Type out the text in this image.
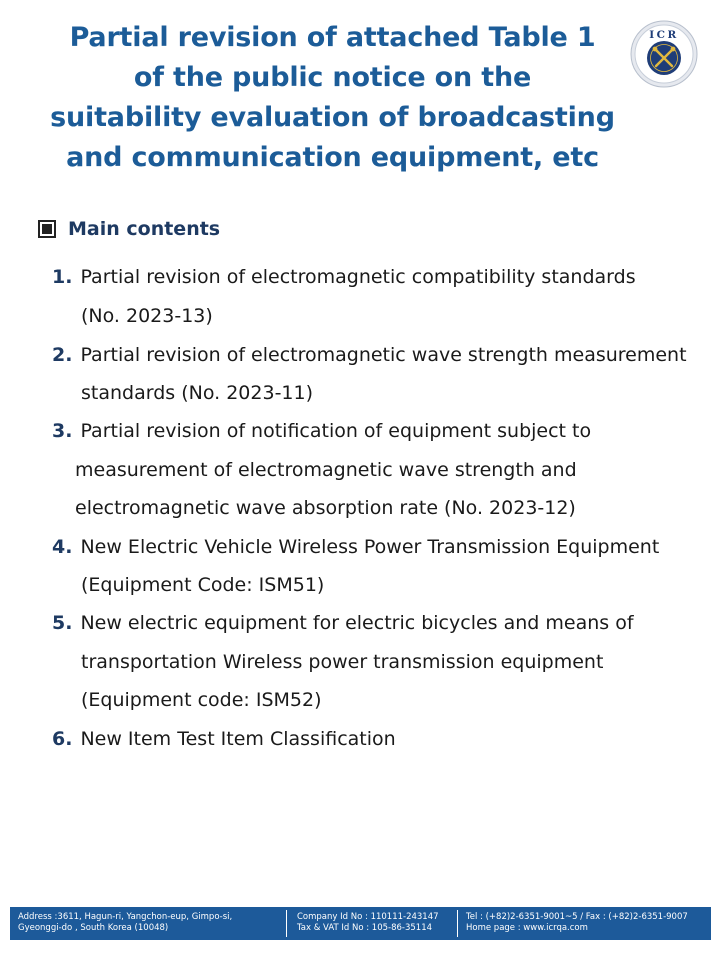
Partial revision of attached Table 1
of the public notice on the
suitability evaluation of broadcasting
and communication equipment, etc
ICR
Main contents
1. Partial revision of electromagnetic compatibility standards
(No. 2023-13)
2. Partial revision of electromagnetic wave strength measurement
standards (No. 2023-11)
3. Partial revision of notification of equipment subject to
measurement of electromagnetic wave strength and
electromagnetic wave absorption rate (No. 2023-12)
4. New Electric Vehicle Wireless Power Transmission Equipment
(Equipment Code: ISM51)
5. New electric equipment for electric bicycles and means of
transportation Wireless power transmission equipment
(Equipment code: ISM52)
6. New Item Test Item Classification
Address :3611, Hagun-ri, Yangchon-eup, Gimpo-si,
Gyeonggi-do , South Korea (10048)
Company Id No : 110111-243147
Tax & VAT Id No : 105-86-35114
Tel : (+82)2-6351-9001~5 / Fax : (+82)2-6351-9007
Home page : www.icrqa.com
